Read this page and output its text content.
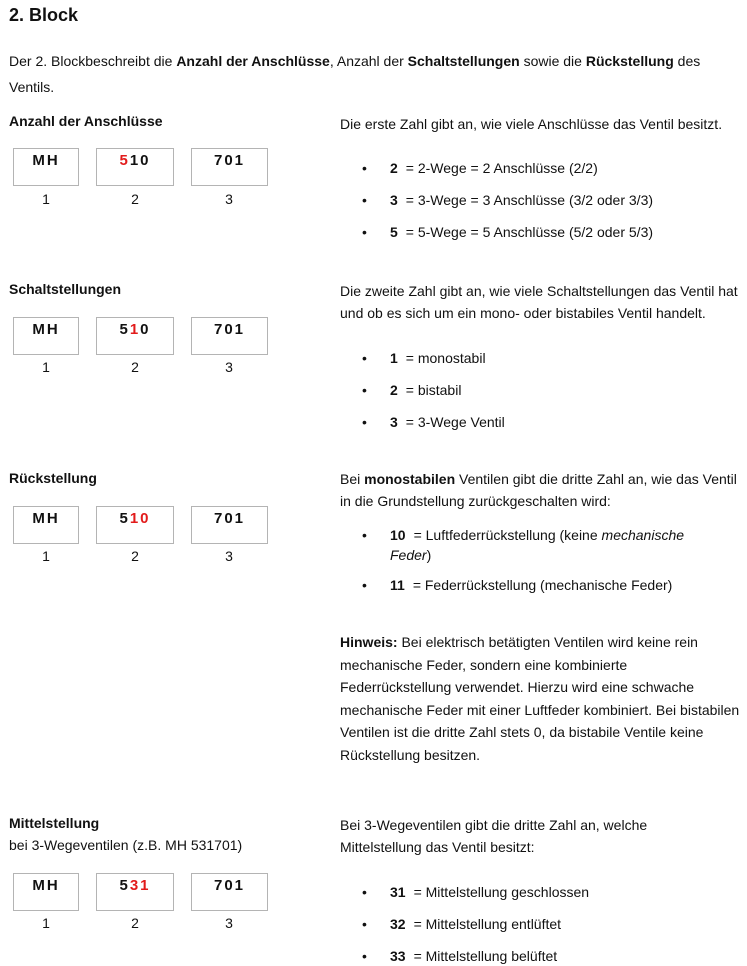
2. Block
Der 2. Blockbeschreibt die Anzahl der Anschlüsse, Anzahl der Schaltstellungen sowie die Rückstellung des
Ventils.
Anzahl der Anschlüsse
MH	510	701
1	2	3
Die erste Zahl gibt an, wie viele Anschlüsse das Ventil besitzt.
•	2 = 2-Wege = 2 Anschlüsse (2/2)
•	3 = 3-Wege = 3 Anschlüsse (3/2 oder 3/3)
•	5 = 5-Wege = 5 Anschlüsse (5/2 oder 5/3)
Schaltstellungen
MH	510	701
1	2	3
Die zweite Zahl gibt an, wie viele Schaltstellungen das Ventil hat und ob es sich um ein mono- oder bistabiles Ventil handelt.
•	1 = monostabil
•	2 = bistabil
•	3 = 3-Wege Ventil
Rückstellung
MH	510	701
1	2	3
Bei monostabilen Ventilen gibt die dritte Zahl an, wie das Ventil in die Grundstellung zurückgeschalten wird:
•	10 = Luftfederrückstellung (keine mechanische Feder)
•	11 = Federrückstellung (mechanische Feder)
Hinweis: Bei elektrisch betätigten Ventilen wird keine rein mechanische Feder, sondern eine kombinierte Federrückstellung verwendet. Hierzu wird eine schwache mechanische Feder mit einer Luftfeder kombiniert. Bei bistabilen Ventilen ist die dritte Zahl stets 0, da bistabile Ventile keine Rückstellung besitzen.
Mittelstellung
bei 3-Wegeventilen (z.B. MH 531701)
MH	531	701
1	2	3
Bei 3-Wegeventilen gibt die dritte Zahl an, welche Mittelstellung das Ventil besitzt:
•	31 = Mittelstellung geschlossen
•	32 = Mittelstellung entlüftet
•	33 = Mittelstellung belüftet
